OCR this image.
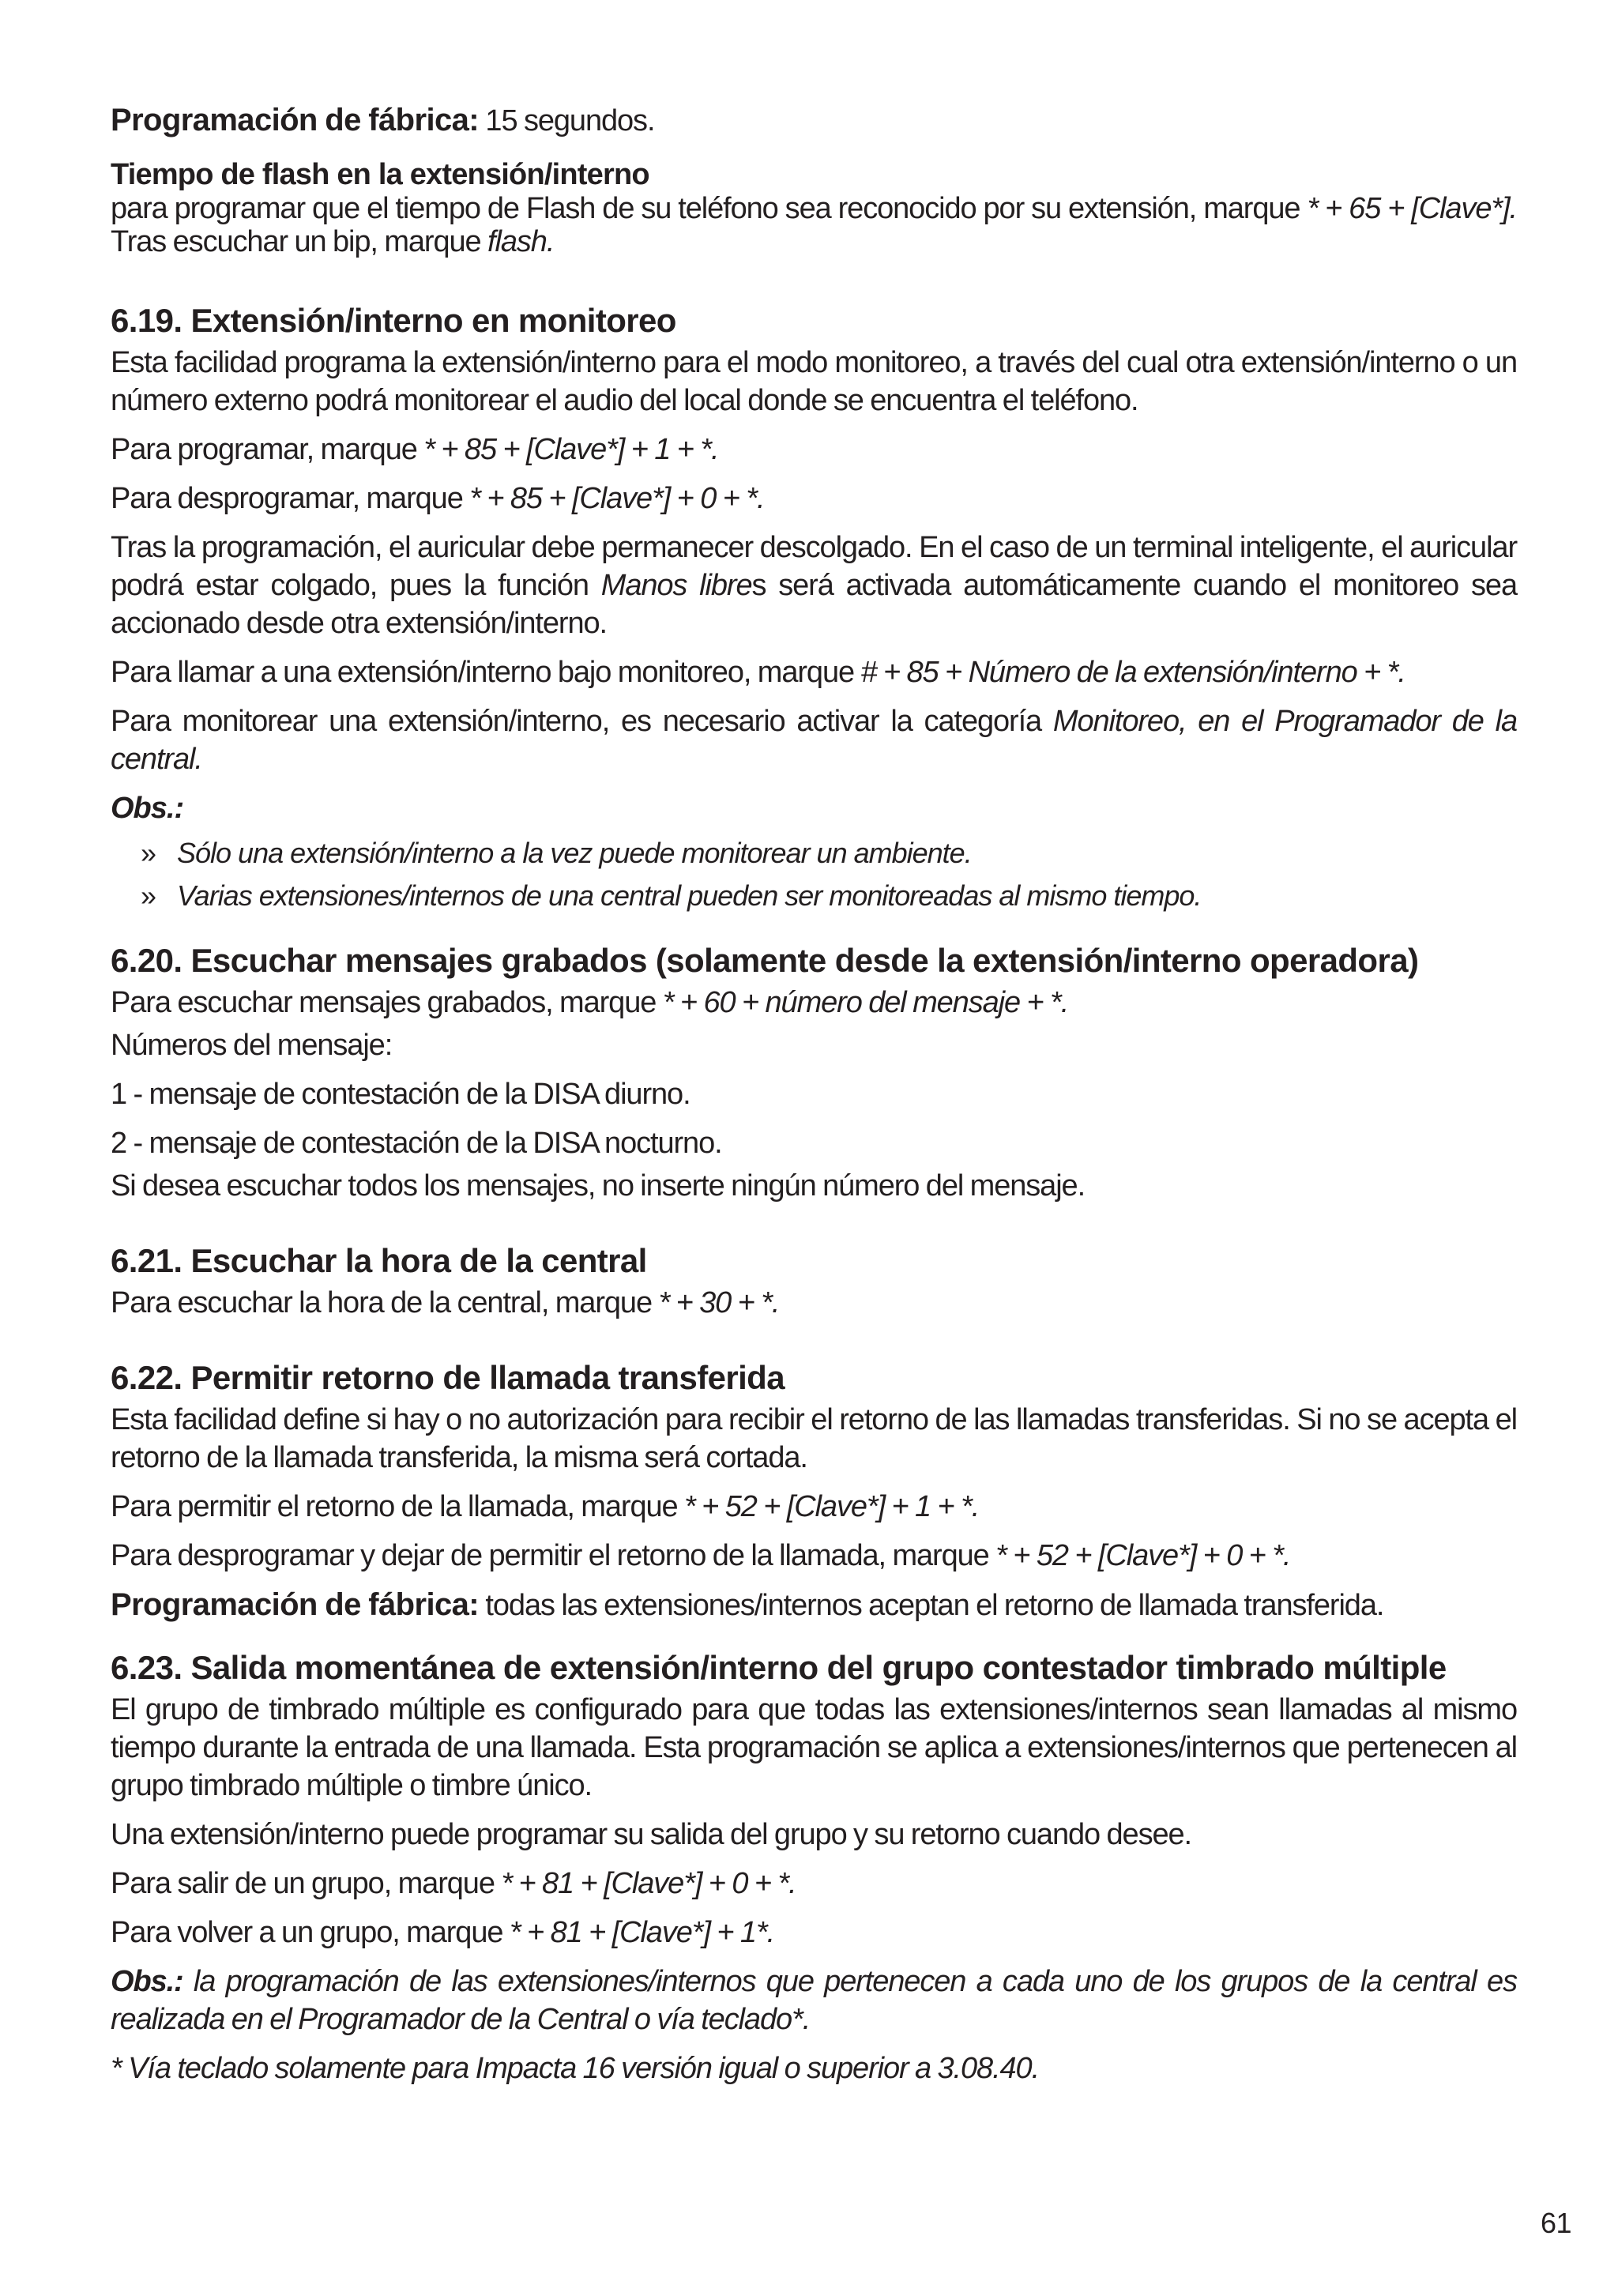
Programación de fábrica: 15 segundos.

Tiempo de flash en la extensión/interno

para programar que el tiempo de Flash de su teléfono sea reconocido por su extensión, marque * + 65 + [Clave*]. Tras escuchar un bip, marque flash.

6.19. Extensión/interno en monitoreo

Esta facilidad programa la extensión/interno para el modo monitoreo, a través del cual otra extensión/interno o un número externo podrá monitorear el audio del local donde se encuentra el teléfono.

Para programar, marque * + 85 + [Clave*] + 1 + *.

Para desprogramar, marque * + 85 + [Clave*] + 0 + *.

Tras la programación, el auricular debe permanecer descolgado. En el caso de un terminal inteligente, el auricular podrá estar colgado, pues la función Manos libres será activada automáticamente cuando el monitoreo sea accionado desde otra extensión/interno.

Para llamar a una extensión/interno bajo monitoreo, marque # + 85 + Número de la extensión/interno + *.

Para monitorear una extensión/interno, es necesario activar la categoría Monitoreo, en el Programador de la central.

Obs.:
» Sólo una extensión/interno a la vez puede monitorear un ambiente.
» Varias extensiones/internos de una central pueden ser monitoreadas al mismo tiempo.
6.20. Escuchar mensajes grabados (solamente desde la extensión/interno operadora)

Para escuchar mensajes grabados, marque * + 60 + número del mensaje + *.

Números del mensaje:

1 - mensaje de contestación de la DISA diurno.

2 - mensaje de contestación de la DISA nocturno.

Si desea escuchar todos los mensajes, no inserte ningún número del mensaje.

6.21. Escuchar la hora de la central

Para escuchar la hora de la central, marque * + 30 + *.

6.22. Permitir retorno de llamada transferida

Esta facilidad define si hay o no autorización para recibir el retorno de las llamadas transferidas. Si no se acepta el retorno de la llamada transferida, la misma será cortada.

Para permitir el retorno de la llamada, marque * + 52 + [Clave*] + 1 + *.

Para desprogramar y dejar de permitir el retorno de la llamada, marque * + 52 + [Clave*] + 0 + *.

Programación de fábrica: todas las extensiones/internos aceptan el retorno de llamada transferida.

6.23. Salida momentánea de extensión/interno del grupo contestador timbrado múltiple

El grupo de timbrado múltiple es configurado para que todas las extensiones/internos sean llamadas al mismo tiempo durante la entrada de una llamada. Esta programación se aplica a extensiones/internos que pertenecen al grupo timbrado múltiple o timbre único.

Una extensión/interno puede programar su salida del grupo y su retorno cuando desee.

Para salir de un grupo, marque * + 81 + [Clave*] + 0 + *.

Para volver a un grupo, marque * + 81 + [Clave*] + 1*.

Obs.: la programación de las extensiones/internos que pertenecen a cada uno de los grupos de la central es realizada en el Programador de la Central o vía teclado*.

* Vía teclado solamente para Impacta 16 versión igual o superior a 3.08.40.

61
